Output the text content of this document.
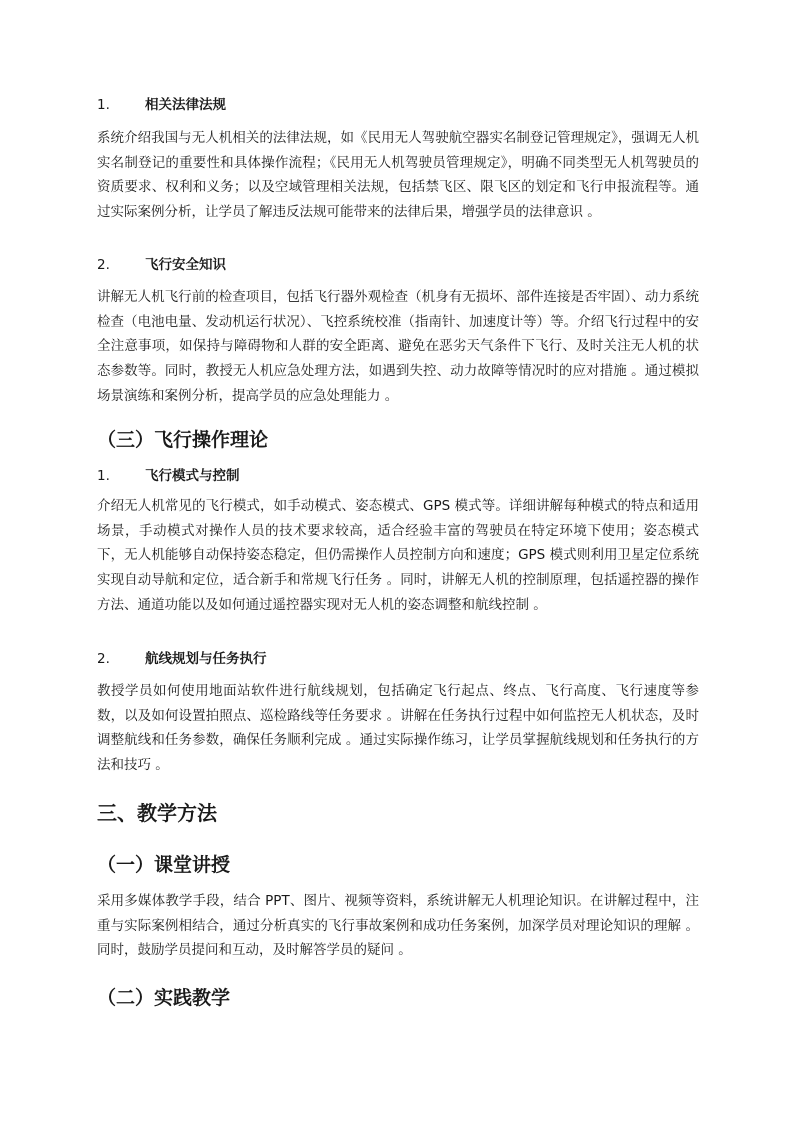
1.	相关法律法规
系统介绍我国与无人机相关的法律法规，如《民用无人驾驶航空器实名制登记管理规定》，强调无人机实名制登记的重要性和具体操作流程；《民用无人机驾驶员管理规定》，明确不同类型无人机驾驶员的资质要求、权利和义务；以及空域管理相关法规，包括禁飞区、限飞区的划定和飞行申报流程等。通过实际案例分析，让学员了解违反法规可能带来的法律后果，增强学员的法律意识 。
2.	飞行安全知识
讲解无人机飞行前的检查项目，包括飞行器外观检查（机身有无损坏、部件连接是否牢固）、动力系统检查（电池电量、发动机运行状况）、飞控系统校准（指南针、加速度计等）等。介绍飞行过程中的安全注意事项，如保持与障碍物和人群的安全距离、避免在恶劣天气条件下飞行、及时关注无人机的状态参数等。同时，教授无人机应急处理方法，如遇到失控、动力故障等情况时的应对措施 。通过模拟场景演练和案例分析，提高学员的应急处理能力 。
（三）飞行操作理论
1.	飞行模式与控制
介绍无人机常见的飞行模式，如手动模式、姿态模式、GPS 模式等。详细讲解每种模式的特点和适用场景，手动模式对操作人员的技术要求较高，适合经验丰富的驾驶员在特定环境下使用；姿态模式下，无人机能够自动保持姿态稳定，但仍需操作人员控制方向和速度；GPS 模式则利用卫星定位系统实现自动导航和定位，适合新手和常规飞行任务 。同时，讲解无人机的控制原理，包括遥控器的操作方法、通道功能以及如何通过遥控器实现对无人机的姿态调整和航线控制 。
2.	航线规划与任务执行
教授学员如何使用地面站软件进行航线规划，包括确定飞行起点、终点、飞行高度、飞行速度等参数，以及如何设置拍照点、巡检路线等任务要求 。讲解在任务执行过程中如何监控无人机状态，及时调整航线和任务参数，确保任务顺利完成 。通过实际操作练习，让学员掌握航线规划和任务执行的方法和技巧 。
三、教学方法
（一）课堂讲授
采用多媒体教学手段，结合 PPT、图片、视频等资料，系统讲解无人机理论知识。在讲解过程中，注重与实际案例相结合，通过分析真实的飞行事故案例和成功任务案例，加深学员对理论知识的理解 。同时，鼓励学员提问和互动，及时解答学员的疑问 。
（二）实践教学
